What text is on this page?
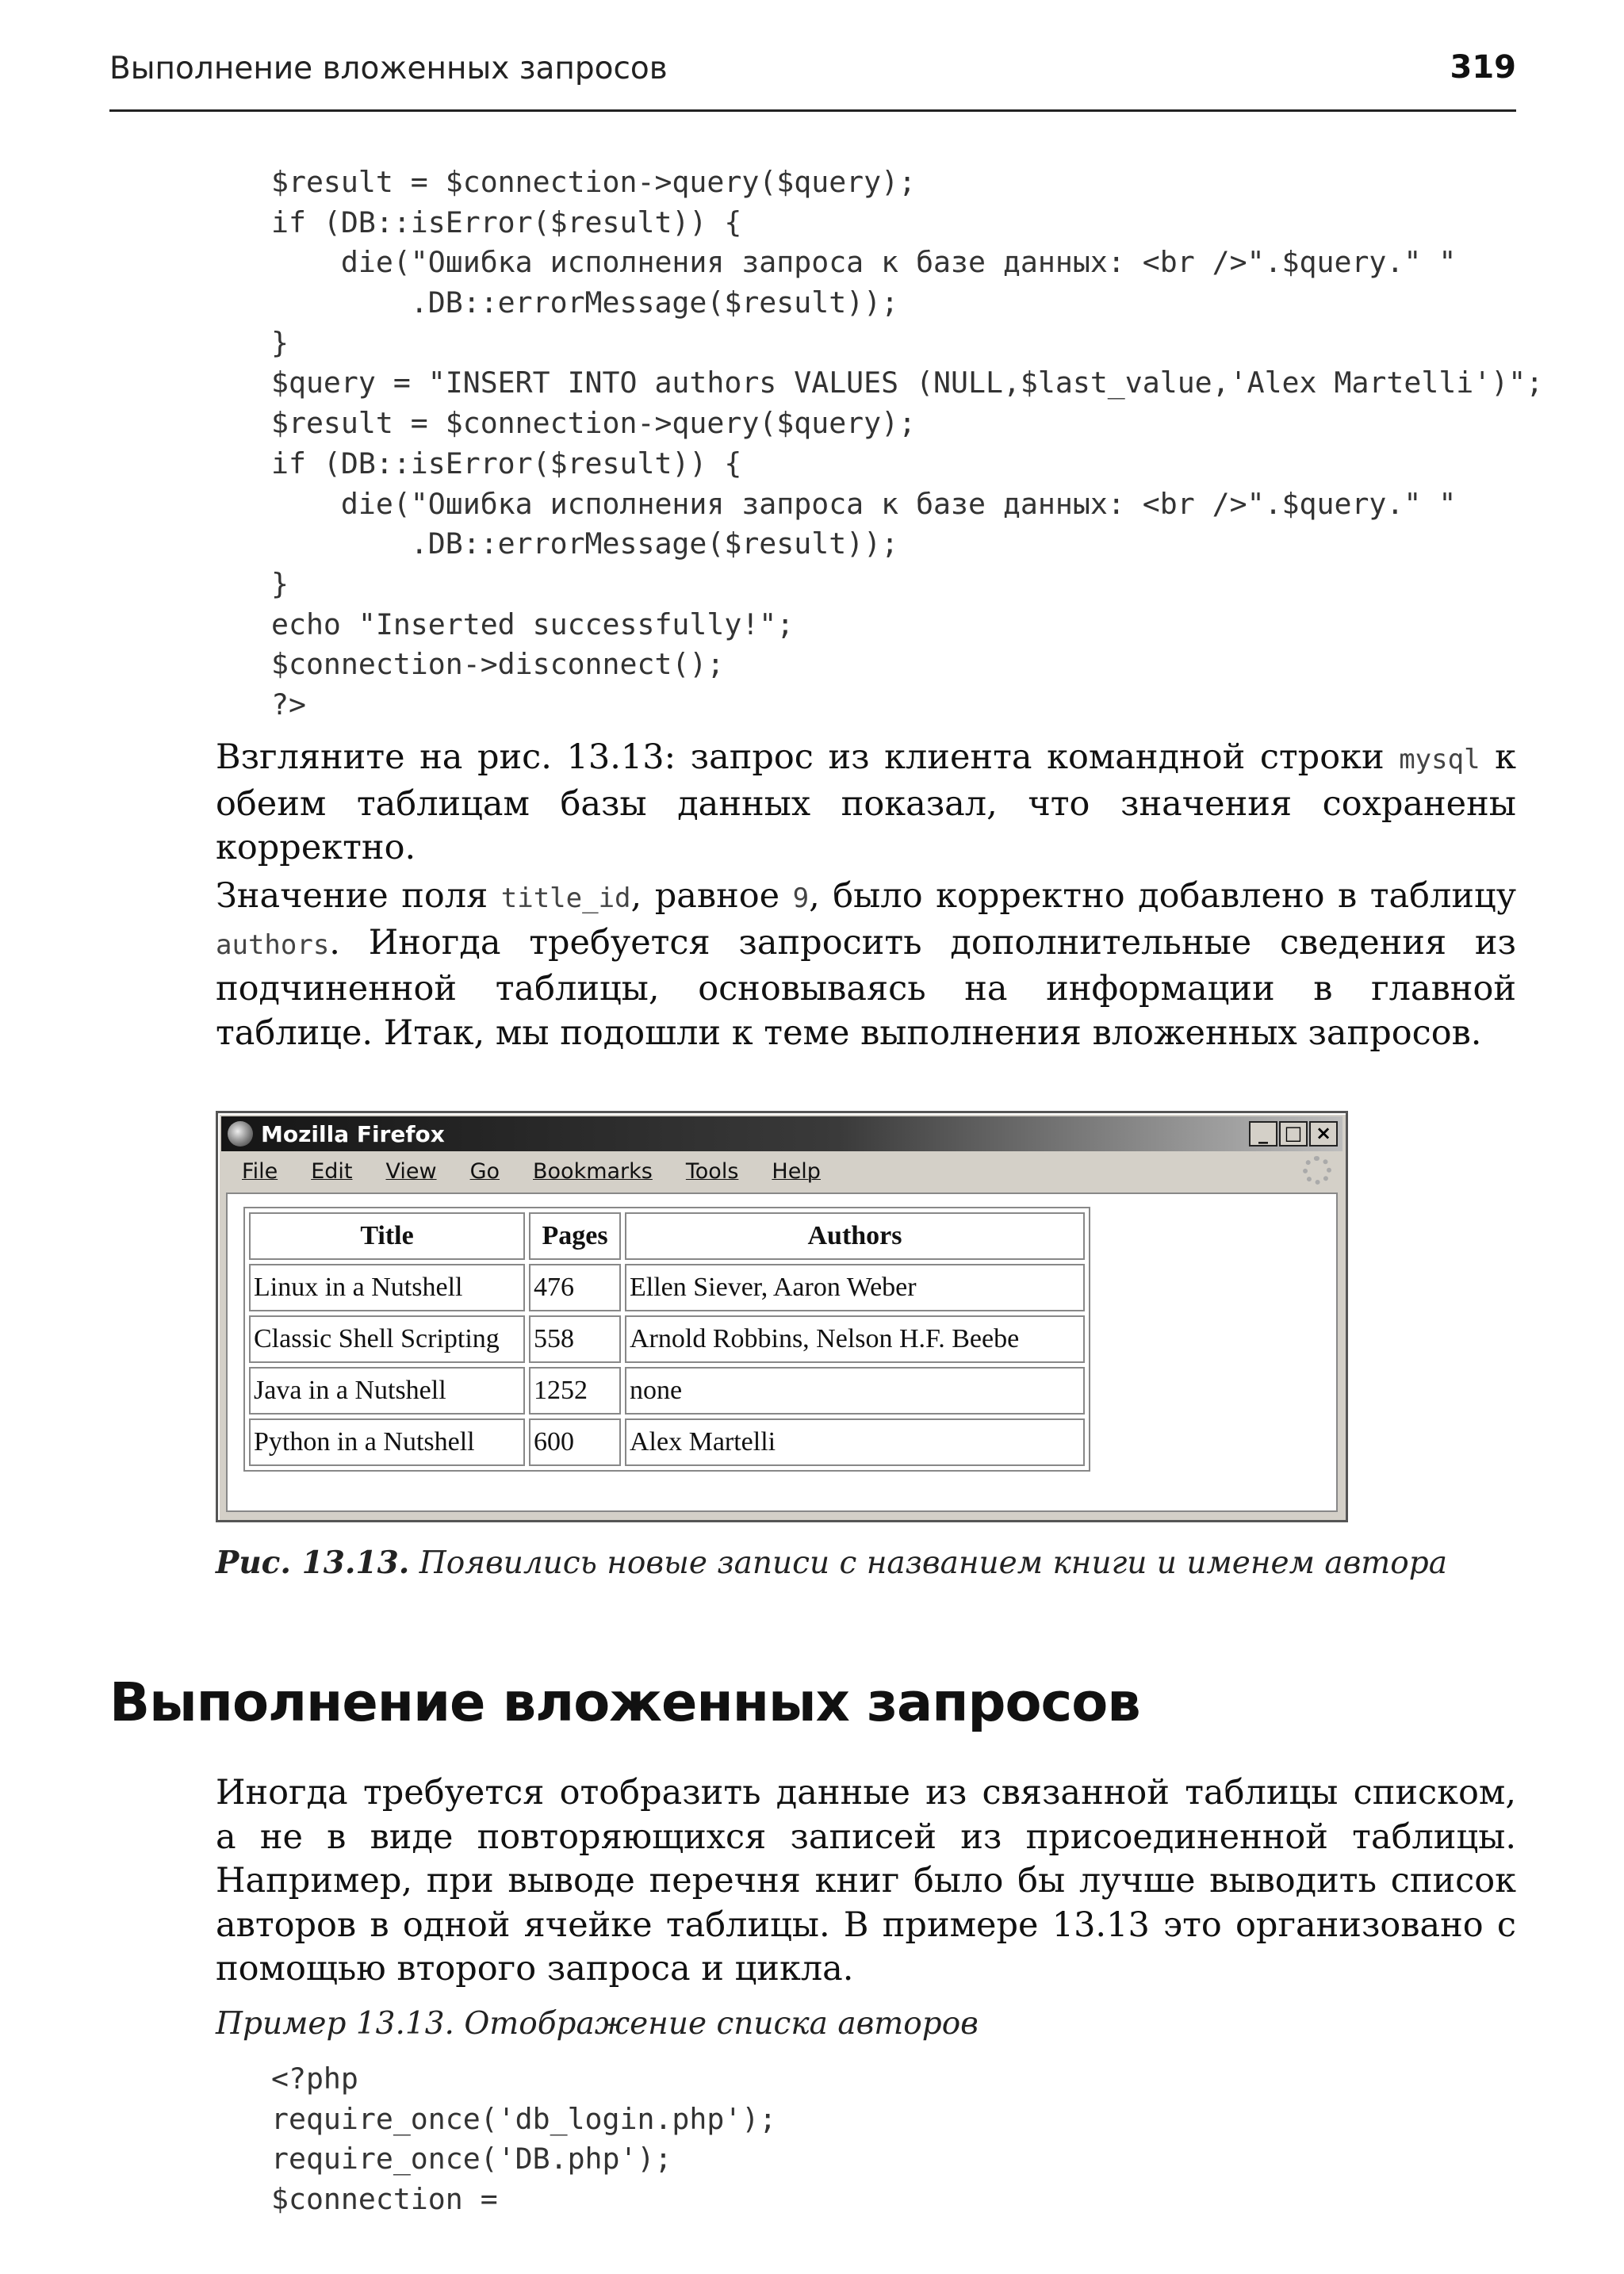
Выполнение вложенных запросов	319
$result = $connection->query($query);
if (DB::isError($result)) {
die("Ошибка исполнения запроса к базе данных: <br />".$query." "
.DB::errorMessage($result));
}
$query = "INSERT INTO authors VALUES (NULL,$last_value,'Alex Martelli')";
$result = $connection->query($query);
if (DB::isError($result)) {
die("Ошибка исполнения запроса к базе данных: <br />".$query." "
.DB::errorMessage($result));
}
echo "Inserted successfully!";
$connection->disconnect();
?>

Взгляните на рис. 13.13: запрос из клиента командной строки mysql к обеим таблицам базы данных показал, что значения сохранены корректно.

Значение поля title_id, равное 9, было корректно добавлено в таблицу authors. Иногда требуется запросить дополнительные сведения из подчиненной таблицы, основываясь на информации в главной таблице. Итак, мы подошли к теме выполнения вложенных запросов.

Mozilla Firefox	_ □ ×
File Edit View Go Bookmarks Tools Help
Title	Pages	Authors
Linux in a Nutshell	476	Ellen Siever, Aaron Weber
Classic Shell Scripting	558	Arnold Robbins, Nelson H.F. Beebe
Java in a Nutshell	1252	none
Python in a Nutshell	600	Alex Martelli
Рис. 13.13. Появились новые записи с названием книги и именем автора
Выполнение вложенных запросов

Иногда требуется отобразить данные из связанной таблицы списком, а не в виде повторяющихся записей из присоединенной таблицы. Например, при выводе перечня книг было бы лучше выводить список авторов в одной ячейке таблицы. В примере 13.13 это организовано с помощью второго запроса и цикла.

Пример 13.13. Отображение списка авторов
<?php
require_once('db_login.php');
require_once('DB.php');
$connection =
